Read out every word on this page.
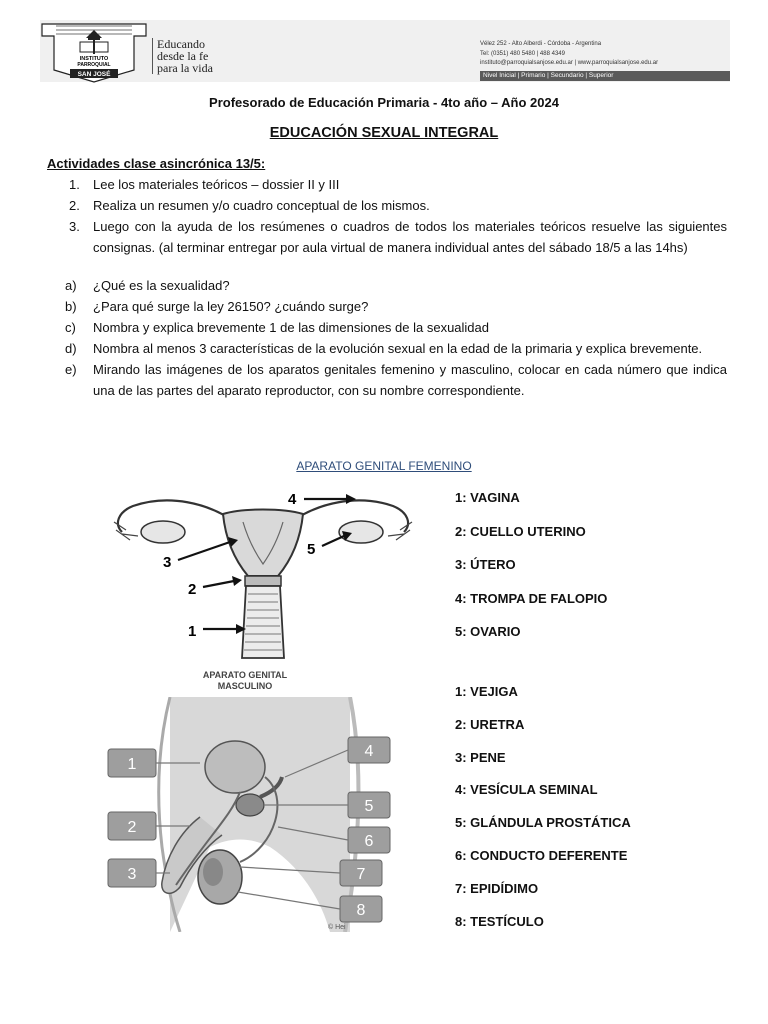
INSTITUTO
PARROQUIAL
SAN JOSÉ
Educando
desde la fe
para la vida
Vélez 252 - Alto Alberdi - Córdoba - Argentina
Tel: (0351) 480 5480 | 488 4349
instituto@parroquialsanjose.edu.ar | www.parroquialsanjose.edu.ar
Nivel Inicial | Primario | Secundario | Superior
Profesorado de Educación Primaria - 4to año – Año 2024
EDUCACIÓN SEXUAL INTEGRAL
Actividades clase asincrónica 13/5:
1. Lee los materiales teóricos – dossier II y III
2. Realiza un resumen y/o cuadro conceptual de los mismos.
3. Luego con la ayuda de los resúmenes o cuadros de todos los materiales teóricos resuelve las siguientes consignas. (al terminar entregar por aula virtual de manera individual antes del sábado 18/5 a las 14hs)
a) ¿Qué es la sexualidad?
b) ¿Para qué surge la ley 26150? ¿cuándo surge?
c) Nombra y explica brevemente 1 de las dimensiones de la sexualidad
d) Nombra al menos 3 características de la evolución sexual en la edad de la primaria y explica brevemente.
e) Mirando las imágenes de los aparatos genitales femenino y masculino, colocar en cada número que indica una de las partes del aparato reproductor, con su nombre correspondiente.
APARATO GENITAL FEMENINO
4
5
3
2
1
1: VAGINA
2: CUELLO UTERINO
3: ÚTERO
4: TROMPA DE FALOPIO
5: OVARIO
APARATO GENITAL
MASCULINO
1
2
3
4
5
6
7
8
© Hei
1: VEJIGA
2: URETRA
3: PENE
4: VESÍCULA SEMINAL
5: GLÁNDULA PROSTÁTICA
6: CONDUCTO DEFERENTE
7: EPIDÍDIMO
8: TESTÍCULO
